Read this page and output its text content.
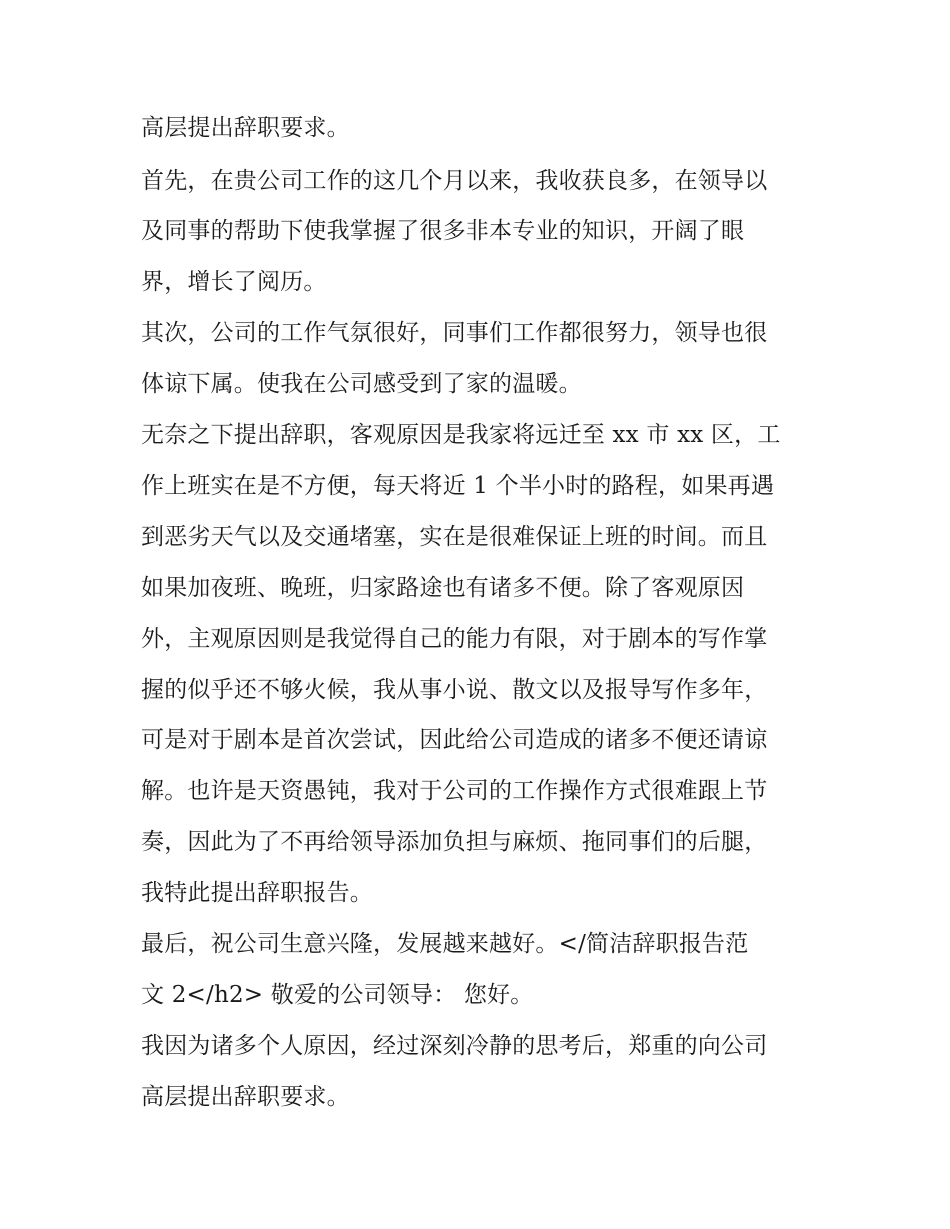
高层提出辞职要求。
首先，在贵公司工作的这几个月以来，我收获良多，在领导以
及同事的帮助下使我掌握了很多非本专业的知识，开阔了眼
界，增长了阅历。
其次，公司的工作气氛很好，同事们工作都很努力，领导也很
体谅下属。使我在公司感受到了家的温暖。
无奈之下提出辞职，客观原因是我家将远迁至 xx 市 xx 区，工
作上班实在是不方便，每天将近 1 个半小时的路程，如果再遇
到恶劣天气以及交通堵塞，实在是很难保证上班的时间。而且
如果加夜班、晚班，归家路途也有诸多不便。除了客观原因
外，主观原因则是我觉得自己的能力有限，对于剧本的写作掌
握的似乎还不够火候，我从事小说、散文以及报导写作多年，
可是对于剧本是首次尝试，因此给公司造成的诸多不便还请谅
解。也许是天资愚钝，我对于公司的工作操作方式很难跟上节
奏，因此为了不再给领导添加负担与麻烦、拖同事们的后腿，
我特此提出辞职报告。
最后，祝公司生意兴隆，发展越来越好。</简洁辞职报告范
文 2</h2> 敬爱的公司领导： 您好。
我因为诸多个人原因，经过深刻冷静的思考后，郑重的向公司
高层提出辞职要求。
